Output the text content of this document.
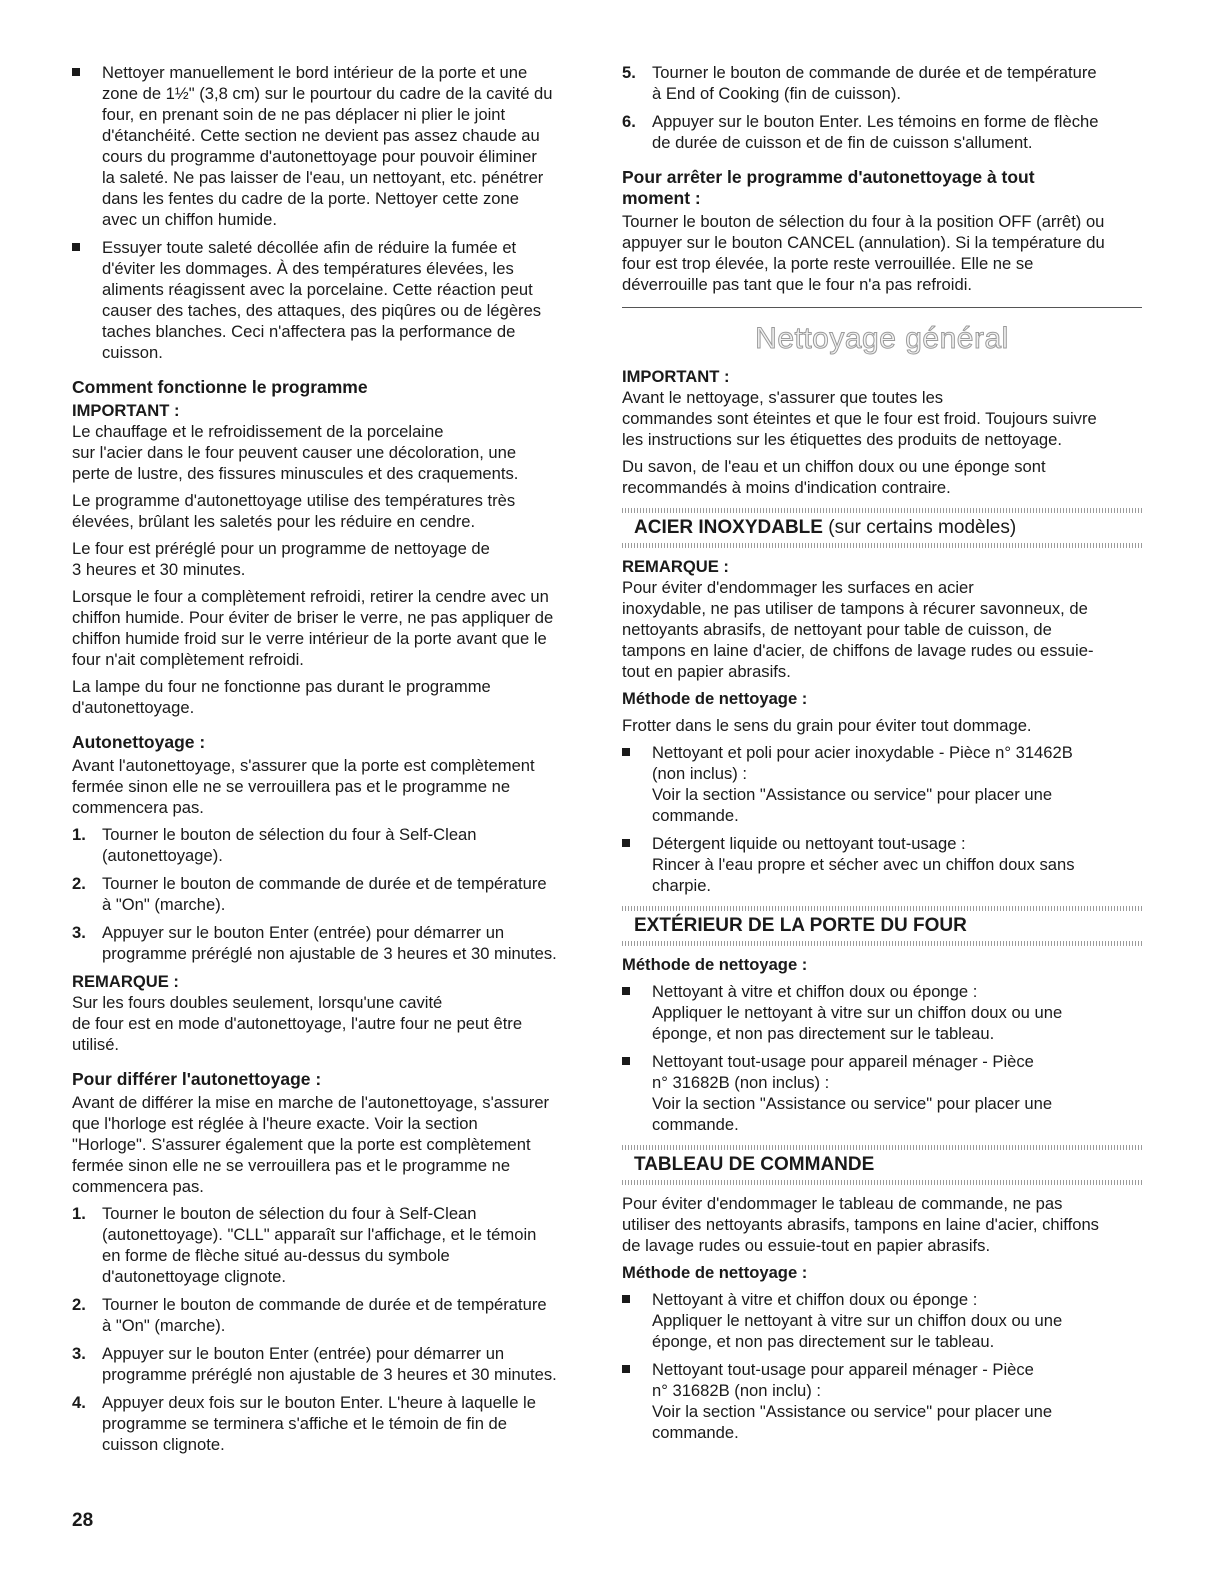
Nettoyer manuellement le bord intérieur de la porte et une
zone de 1½" (3,8 cm) sur le pourtour du cadre de la cavité du
four, en prenant soin de ne pas déplacer ni plier le joint
d'étanchéité. Cette section ne devient pas assez chaude au
cours du programme d'autonettoyage pour pouvoir éliminer
la saleté. Ne pas laisser de l'eau, un nettoyant, etc. pénétrer
dans les fentes du cadre de la porte. Nettoyer cette zone
avec un chiffon humide.
Essuyer toute saleté décollée afin de réduire la fumée et
d'éviter les dommages. À des températures élevées, les
aliments réagissent avec la porcelaine. Cette réaction peut
causer des taches, des attaques, des piqûres ou de légères
taches blanches. Ceci n'affectera pas la performance de
cuisson.
Comment fonctionne le programme

IMPORTANT :
Le chauffage et le refroidissement de la porcelaine
sur l'acier dans le four peuvent causer une décoloration, une
perte de lustre, des fissures minuscules et des craquements.

Le programme d'autonettoyage utilise des températures très
élevées, brûlant les saletés pour les réduire en cendre.

Le four est préréglé pour un programme de nettoyage de
3 heures et 30 minutes.

Lorsque le four a complètement refroidi, retirer la cendre avec un
chiffon humide. Pour éviter de briser le verre, ne pas appliquer de
chiffon humide froid sur le verre intérieur de la porte avant que le
four n'ait complètement refroidi.

La lampe du four ne fonctionne pas durant le programme
d'autonettoyage.

Autonettoyage :

Avant l'autonettoyage, s'assurer que la porte est complètement
fermée sinon elle ne se verrouillera pas et le programme ne
commencera pas.

1. Tourner le bouton de sélection du four à Self-Clean
(autonettoyage).
2. Tourner le bouton de commande de durée et de température
à "On" (marche).
3. Appuyer sur le bouton Enter (entrée) pour démarrer un
programme préréglé non ajustable de 3 heures et 30 minutes.

REMARQUE :
Sur les fours doubles seulement, lorsqu'une cavité
de four est en mode d'autonettoyage, l'autre four ne peut être
utilisé.

Pour différer l'autonettoyage :

Avant de différer la mise en marche de l'autonettoyage, s'assurer
que l'horloge est réglée à l'heure exacte. Voir la section
"Horloge". S'assurer également que la porte est complètement
fermée sinon elle ne se verrouillera pas et le programme ne
commencera pas.

1. Tourner le bouton de sélection du four à Self-Clean
(autonettoyage). "CLL" apparaît sur l'affichage, et le témoin
en forme de flèche situé au-dessus du symbole
d'autonettoyage clignote.
2. Tourner le bouton de commande de durée et de température
à "On" (marche).
3. Appuyer sur le bouton Enter (entrée) pour démarrer un
programme préréglé non ajustable de 3 heures et 30 minutes.
4. Appuyer deux fois sur le bouton Enter. L'heure à laquelle le
programme se terminera s'affiche et le témoin de fin de
cuisson clignote.
5. Tourner le bouton de commande de durée et de température
à End of Cooking (fin de cuisson).
6. Appuyer sur le bouton Enter. Les témoins en forme de flèche
de durée de cuisson et de fin de cuisson s'allument.
Pour arrêter le programme d'autonettoyage à tout
moment :

Tourner le bouton de sélection du four à la position OFF (arrêt) ou
appuyer sur le bouton CANCEL (annulation). Si la température du
four est trop élevée, la porte reste verrouillée. Elle ne se
déverrouille pas tant que le four n'a pas refroidi.

Nettoyage général

IMPORTANT :
Avant le nettoyage, s'assurer que toutes les
commandes sont éteintes et que le four est froid. Toujours suivre
les instructions sur les étiquettes des produits de nettoyage.

Du savon, de l'eau et un chiffon doux ou une éponge sont
recommandés à moins d'indication contraire.

ACIER INOXYDABLE (sur certains modèles)

REMARQUE :
Pour éviter d'endommager les surfaces en acier
inoxydable, ne pas utiliser de tampons à récurer savonneux, de
nettoyants abrasifs, de nettoyant pour table de cuisson, de
tampons en laine d'acier, de chiffons de lavage rudes ou essuie-
tout en papier abrasifs.

Méthode de nettoyage :

Frotter dans le sens du grain pour éviter tout dommage.

Nettoyant et poli pour acier inoxydable - Pièce n° 31462B
(non inclus) :
Voir la section "Assistance ou service" pour placer une
commande.
Détergent liquide ou nettoyant tout-usage :
Rincer à l'eau propre et sécher avec un chiffon doux sans
charpie.
EXTÉRIEUR DE LA PORTE DU FOUR

Méthode de nettoyage :

Nettoyant à vitre et chiffon doux ou éponge :
Appliquer le nettoyant à vitre sur un chiffon doux ou une
éponge, et non pas directement sur le tableau.
Nettoyant tout-usage pour appareil ménager - Pièce
n° 31682B (non inclus) :
Voir la section "Assistance ou service" pour placer une
commande.
TABLEAU DE COMMANDE

Pour éviter d'endommager le tableau de commande, ne pas
utiliser des nettoyants abrasifs, tampons en laine d'acier, chiffons
de lavage rudes ou essuie-tout en papier abrasifs.

Méthode de nettoyage :

Nettoyant à vitre et chiffon doux ou éponge :
Appliquer le nettoyant à vitre sur un chiffon doux ou une
éponge, et non pas directement sur le tableau.
Nettoyant tout-usage pour appareil ménager - Pièce
n° 31682B (non inclu) :
Voir la section "Assistance ou service" pour placer une
commande.
28
